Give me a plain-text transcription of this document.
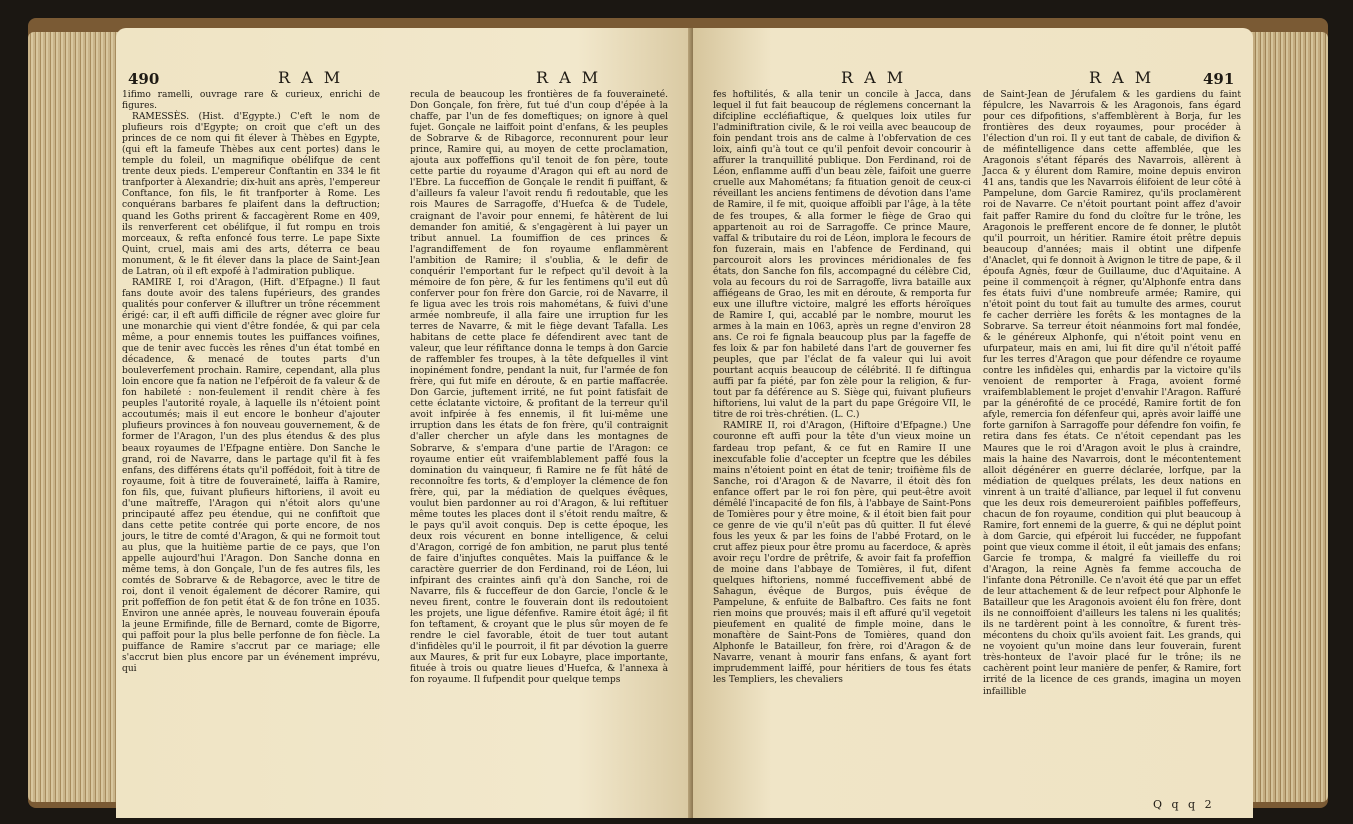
490	R A M	R A M

1ifimo ramelli, ouvrage rare & curieux, enrichi de figures.

RAMESSÈS. (Hist. d'Egypte.) C'eft le nom de plufieurs rois d'Egypte; on croit que c'eft un des princes de ce nom qui fit élever à Thèbes en Egypte, (qui eft la fameufe Thèbes aux cent portes) dans le temple du foleil, un magnifique obélifque de cent trente deux pieds. L'empereur Conftantin en 334 le fit tranfporter à Alexandrie; dix-huit ans après, l'empereur Conftance, fon fils, le fit tranfporter à Rome. Les conquérans barbares fe plaifent dans la deftruction; quand les Goths prirent & faccagèrent Rome en 409, ils renverferent cet obélifque, il fut rompu en trois morceaux, & refta enfoncé fous terre. Le pape Sixte Quint, cruel, mais ami des arts, déterra ce beau monument, & le fit élever dans la place de Saint-Jean de Latran, où il eft expofé à l'admiration publique.

RAMIRE I, roi d'Aragon, (Hift. d'Efpagne.) Il faut fans doute avoir des talens fupérieurs, des grandes qualités pour conferver & illuftrer un trône récemment érigé: car, il eft auffi difficile de régner avec gloire fur une monarchie qui vient d'être fondée, & qui par cela même, a pour ennemis toutes les puiffances voifines, que de tenir avec fuccès les rênes d'un état tombé en décadence, & menacé de toutes parts d'un bouleverfement prochain. Ramire, cependant, alla plus loin encore que fa nation ne l'efpéroit de fa valeur & de fon habileté : non-feulement il rendit chère à fes peuples l'autorité royale, à laquelle ils n'étoient point accoutumés; mais il eut encore le bonheur d'ajouter plufieurs provinces à fon nouveau gouvernement, & de former de l'Aragon, l'un des plus étendus & des plus beaux royaumes de l'Efpagne entière. Don Sanche le grand, roi de Navarre, dans le partage qu'il fit à fes enfans, des différens états qu'il poffédoit, foit à titre de royaume, foit à titre de fouveraineté, laiffa à Ramire, fon fils, que, fuivant plufieurs hiftoriens, il avoit eu d'une maîtreffe, l'Aragon qui n'étoit alors qu'une principauté affez peu étendue, qui ne confiftoit que dans cette petite contrée qui porte encore, de nos jours, le titre de comté d'Aragon, & qui ne formoit tout au plus, que la huitième partie de ce pays, que l'on appelle aujourd'hui l'Aragon. Don Sanche donna en même tems, à don Gonçale, l'un de fes autres fils, les comtés de Sobrarve & de Rebagorce, avec le titre de roi, dont il venoit également de décorer Ramire, qui prit poffeffion de fon petit état & de fon trône en 1035. Environ une année après, le nouveau fouverain époufa la jeune Ermifinde, fille de Bernard, comte de Bigorre, qui paffoit pour la plus belle perfonne de fon fiècle. La puiffance de Ramire s'accrut par ce mariage; elle s'accrut bien plus encore par un événement imprévu, qui

recula de beaucoup les frontières de fa fouveraineté. Don Gonçale, fon frère, fut tué d'un coup d'épée à la chaffe, par l'un de fes domeftiques; on ignore à quel fujet. Gonçale ne laiffoit point d'enfans, & les peuples de Sobrarve & de Ribagorce, reconnurent pour leur prince, Ramire qui, au moyen de cette proclamation, ajouta aux poffeffions qu'il tenoit de fon père, toute cette partie du royaume d'Aragon qui eft au nord de l'Ebre. La fucceffion de Gonçale le rendit fi puiffant, & d'ailleurs fa valeur l'avoit rendu fi redoutable, que les rois Maures de Sarragoffe, d'Huefca & de Tudele, craignant de l'avoir pour ennemi, fe hâtèrent de lui demander fon amitié, & s'engagèrent à lui payer un tribut annuel. La foumiffion de ces princes & l'agrandiffement de fon royaume enflammèrent l'ambition de Ramire; il s'oublia, & le defir de conquérir l'emportant fur le refpect qu'il devoit à la mémoire de fon père, & fur les fentimens qu'il eut dû conferver pour fon frère don Garcie, roi de Navarre, il fe ligua avec les trois rois mahométans, & fuivi d'une armée nombreufe, il alla faire une irruption fur les terres de Navarre, & mit le fiège devant Tafalla. Les habitans de cette place fe défendirent avec tant de valeur, que leur réfiftance donna le temps à don Garcie de raffembler fes troupes, à la tête defquelles il vint inopinément fondre, pendant la nuit, fur l'armée de fon frère, qui fut mife en déroute, & en partie maffacrée. Don Garcie, juftement irrité, ne fut point fatisfait de cette éclatante victoire, & profitant de la terreur qu'il avoit infpirée à fes ennemis, il fit lui-même une irruption dans les états de fon frère, qu'il contraignit d'aller chercher un afyle dans les montagnes de Sobrarve, & s'empara d'une partie de l'Aragon: ce royaume entier eût vraifemblablement paffé fous la domination du vainqueur, fi Ramire ne fe fût hâté de reconnoître fes torts, & d'employer la clémence de fon frère, qui, par la médiation de quelques évêques, voulut bien pardonner au roi d'Aragon, & lui reftituer même toutes les places dont il s'étoit rendu maître, & le pays qu'il avoit conquis. Dep is cette époque, les deux rois vécurent en bonne intelligence, & celui d'Aragon, corrigé de fon ambition, ne parut plus tenté de faire d'injuftes conquêtes. Mais la puiffance & le caractère guerrier de don Ferdinand, roi de Léon, lui infpirant des craintes ainfi qu'à don Sanche, roi de Navarre, fils & fucceffeur de don Garcie, l'oncle & le neveu firent, contre le fouverain dont ils redoutoient les projets, une ligue défenfive. Ramire étoit âgé; il fit fon teftament, & croyant que le plus sûr moyen de fe rendre le ciel favorable, étoit de tuer tout autant d'infidèles qu'il le pourroit, il fit par dévotion la guerre aux Maures, & prit fur eux Lobayre, place importante, fituée à trois ou quatre lieues d'Huefca, & l'annexa à fon royaume. Il fufpendit pour quelque temps

R A M	R A M	491

fes hoftilités, & alla tenir un concile à Jacca, dans lequel il fut fait beaucoup de réglemens concernant la difcipline eccléfiaftique, & quelques loix utiles fur l'adminiftration civile, & le roi veilla avec beaucoup de foin pendant trois ans de calme à l'obfervation de ces loix, ainfi qu'à tout ce qu'il penfoit devoir concourir à affurer la tranquillité publique. Don Ferdinand, roi de Léon, enflamme auffi d'un beau zèle, faifoit une guerre cruelle aux Mahométans; fa fituation genoit de ceux-ci réveillant les anciens fentimens de dévotion dans l'ame de Ramire, il fe mit, quoique affoibli par l'âge, à la tête de fes troupes, & alla former le fiège de Grao qui appartenoit au roi de Sarragoffe. Ce prince Maure, vaffal & tributaire du roi de Léon, implora le fecours de fon fuzerain, mais en l'abfence de Ferdinand, qui parcouroit alors les provinces méridionales de fes états, don Sanche fon fils, accompagné du célèbre Cid, vola au fecours du roi de Sarragoffe, livra bataille aux affiégeans de Grao, les mit en déroute, & remporta fur eux une illuftre victoire, malgré les efforts héroïques de Ramire I, qui, accablé par le nombre, mourut les armes à la main en 1063, après un regne d'environ 28 ans. Ce roi fe fignala beaucoup plus par la fageffe de fes loix & par fon habileté dans l'art de gouverner fes peuples, que par l'éclat de fa valeur qui lui avoit pourtant acquis beaucoup de célébrité. Il fe diftingua auffi par fa piété, par fon zèle pour la religion, & fur-tout par fa déférence au S. Siège qui, fuivant plufieurs hiftoriens, lui valut de la part du pape Grégoire VII, le titre de roi très-chrétien. (L. C.)

RAMIRE II, roi d'Aragon, (Hiftoire d'Efpagne.) Une couronne eft auffi pour la tête d'un vieux moine un fardeau trop pefant, & ce fut en Ramire II une inexcufable folie d'accepter un fceptre que les débiles mains n'étoient point en état de tenir; troifième fils de Sanche, roi d'Aragon & de Navarre, il étoit dès fon enfance offert par le roi fon père, qui peut-être avoit démêlé l'incapacité de fon fils, à l'abbaye de Saint-Pons de Tomières pour y être moine, & il étoit bien fait pour ce genre de vie qu'il n'eût pas dû quitter. Il fut élevé fous les yeux & par les foins de l'abbé Frotard, on le crut affez pieux pour être promu au facerdoce, & après avoir reçu l'ordre de prêtrife, & avoir fait fa profeffion de moine dans l'abbaye de Tomières, il fut, difent quelques hiftoriens, nommé fucceffivement abbé de Sahagun, évêque de Burgos, puis évêque de Pampelune, & enfuite de Balbaftro. Ces faits ne font rien moins que prouvés; mais il eft affuré qu'il vegetoit pieufement en qualité de fimple moine, dans le monaftère de Saint-Pons de Tomières, quand don Alphonfe le Batailleur, fon frère, roi d'Aragon & de Navarre, venant à mourir fans enfans, & ayant fort imprudemment laiffé, pour héritiers de tous fes états les Templiers, les chevaliers

de Saint-Jean de Jérufalem & les gardiens du faint fépulcre, les Navarrois & les Aragonois, fans égard pour ces difpofitions, s'affemblèrent à Borja, fur les frontières des deux royaumes, pour procéder à l'élection d'un roi. Il y eut tant de cabale, de divifion & de méfintelligence dans cette affemblée, que les Aragonois s'étant féparés des Navarrois, allèrent à Jacca & y élurent dom Ramire, moine depuis environ 41 ans, tandis que les Navarrois élifoient de leur côté à Pampelune, dom Garcie Ramirez, qu'ils proclamèrent roi de Navarre. Ce n'étoit pourtant point affez d'avoir fait paffer Ramire du fond du cloître fur le trône, les Aragonois le prefferent encore de fe donner, le plutôt qu'il pourroit, un héritier. Ramire étoit prêtre depuis beaucoup d'années; mais il obtint une difpenfe d'Anaclet, qui fe donnoit à Avignon le titre de pape, & il époufa Agnès, fœur de Guillaume, duc d'Aquitaine. A peine il commençoit à régner, qu'Alphonfe entra dans fes états fuivi d'une nombreufe armée; Ramire, qui n'étoit point du tout fait au tumulte des armes, courut fe cacher derrière les forêts & les montagnes de la Sobrarve. Sa terreur étoit néanmoins fort mal fondée, & le généreux Alphonfe, qui n'étoit point venu en ufurpateur, mais en ami, lui fit dire qu'il n'étoit paffé fur les terres d'Aragon que pour défendre ce royaume contre les infidèles qui, enhardis par la victoire qu'ils venoient de remporter à Fraga, avoient formé vraifemblablement le projet d'envahir l'Aragon. Raffuré par la générofité de ce procédé, Ramire fortit de fon afyle, remercia fon défenfeur qui, après avoir laiffé une forte garnifon à Sarragoffe pour défendre fon voifin, fe retira dans fes états. Ce n'étoit cependant pas les Maures que le roi d'Aragon avoit le plus à craindre, mais la haine des Navarrois, dont le mécontentement alloit dégénérer en guerre déclarée, lorfque, par la médiation de quelques prélats, les deux nations en vinrent à un traité d'alliance, par lequel il fut convenu que les deux rois demeureroient paifibles poffeffeurs, chacun de fon royaume, condition qui plut beaucoup à Ramire, fort ennemi de la guerre, & qui ne déplut point à dom Garcie, qui efpéroit lui fuccéder, ne fuppofant point que vieux comme il étoit, il eût jamais des enfans; Garcie fe trompa, & malgré fa vieilleffe du roi d'Aragon, la reine Agnès fa femme accoucha de l'infante dona Pétronille. Ce n'avoit été que par un effet de leur attachement & de leur refpect pour Alphonfe le Batailleur que les Aragonois avoient élu fon frère, dont ils ne connoiffoient d'ailleurs les talens ni les qualités; ils ne tardèrent point à les connoître, & furent très-mécontens du choix qu'ils avoient fait. Les grands, qui ne voyoient qu'un moine dans leur fouverain, furent très-honteux de l'avoir placé fur le trône; ils ne cachèrent point leur manière de penfer, & Ramire, fort irrité de la licence de ces grands, imagina un moyen infaillible

Q q q 2
